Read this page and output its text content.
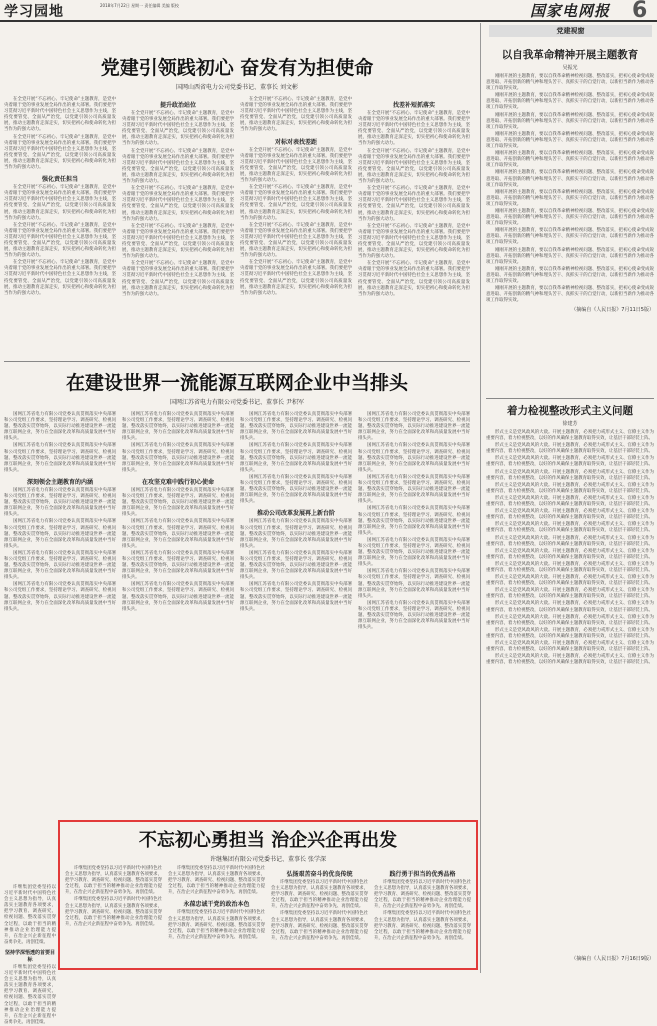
学习园地	2018年7月22日 星期一 责任编辑 美编 版校	国家电网报 6
党建引领践初心 奋发有为担使命
国网山西省电力公司党委书记、董事长 刘文彬

在全党开展“不忘初心、牢记使命”主题教育，是党中央着眼于党的事业发展全局作出的重大部署。我们要把学习贯彻习近平新时代中国特色社会主义思想作为主线，坚持党要管党、全面从严治党，以党建引领公司高质量发展，推动主题教育走深走实，切实把初心和使命转化为担当作为的强大动力。

在全党开展“不忘初心、牢记使命”主题教育，是党中央着眼于党的事业发展全局作出的重大部署。我们要把学习贯彻习近平新时代中国特色社会主义思想作为主线，坚持党要管党、全面从严治党，以党建引领公司高质量发展，推动主题教育走深走实，切实把初心和使命转化为担当作为的强大动力。

强化责任担当

在全党开展“不忘初心、牢记使命”主题教育，是党中央着眼于党的事业发展全局作出的重大部署。我们要把学习贯彻习近平新时代中国特色社会主义思想作为主线，坚持党要管党、全面从严治党，以党建引领公司高质量发展，推动主题教育走深走实，切实把初心和使命转化为担当作为的强大动力。

在全党开展“不忘初心、牢记使命”主题教育，是党中央着眼于党的事业发展全局作出的重大部署。我们要把学习贯彻习近平新时代中国特色社会主义思想作为主线，坚持党要管党、全面从严治党，以党建引领公司高质量发展，推动主题教育走深走实，切实把初心和使命转化为担当作为的强大动力。

在全党开展“不忘初心、牢记使命”主题教育，是党中央着眼于党的事业发展全局作出的重大部署。我们要把学习贯彻习近平新时代中国特色社会主义思想作为主线，坚持党要管党、全面从严治党，以党建引领公司高质量发展，推动主题教育走深走实，切实把初心和使命转化为担当作为的强大动力。

提升政治站位

在全党开展“不忘初心、牢记使命”主题教育，是党中央着眼于党的事业发展全局作出的重大部署。我们要把学习贯彻习近平新时代中国特色社会主义思想作为主线，坚持党要管党、全面从严治党，以党建引领公司高质量发展，推动主题教育走深走实，切实把初心和使命转化为担当作为的强大动力。

在全党开展“不忘初心、牢记使命”主题教育，是党中央着眼于党的事业发展全局作出的重大部署。我们要把学习贯彻习近平新时代中国特色社会主义思想作为主线，坚持党要管党、全面从严治党，以党建引领公司高质量发展，推动主题教育走深走实，切实把初心和使命转化为担当作为的强大动力。

在全党开展“不忘初心、牢记使命”主题教育，是党中央着眼于党的事业发展全局作出的重大部署。我们要把学习贯彻习近平新时代中国特色社会主义思想作为主线，坚持党要管党、全面从严治党，以党建引领公司高质量发展，推动主题教育走深走实，切实把初心和使命转化为担当作为的强大动力。

在全党开展“不忘初心、牢记使命”主题教育，是党中央着眼于党的事业发展全局作出的重大部署。我们要把学习贯彻习近平新时代中国特色社会主义思想作为主线，坚持党要管党、全面从严治党，以党建引领公司高质量发展，推动主题教育走深走实，切实把初心和使命转化为担当作为的强大动力。

在全党开展“不忘初心、牢记使命”主题教育，是党中央着眼于党的事业发展全局作出的重大部署。我们要把学习贯彻习近平新时代中国特色社会主义思想作为主线，坚持党要管党、全面从严治党，以党建引领公司高质量发展，推动主题教育走深走实，切实把初心和使命转化为担当作为的强大动力。

在全党开展“不忘初心、牢记使命”主题教育，是党中央着眼于党的事业发展全局作出的重大部署。我们要把学习贯彻习近平新时代中国特色社会主义思想作为主线，坚持党要管党、全面从严治党，以党建引领公司高质量发展，推动主题教育走深走实，切实把初心和使命转化为担当作为的强大动力。

对标对表找差距

在全党开展“不忘初心、牢记使命”主题教育，是党中央着眼于党的事业发展全局作出的重大部署。我们要把学习贯彻习近平新时代中国特色社会主义思想作为主线，坚持党要管党、全面从严治党，以党建引领公司高质量发展，推动主题教育走深走实，切实把初心和使命转化为担当作为的强大动力。

在全党开展“不忘初心、牢记使命”主题教育，是党中央着眼于党的事业发展全局作出的重大部署。我们要把学习贯彻习近平新时代中国特色社会主义思想作为主线，坚持党要管党、全面从严治党，以党建引领公司高质量发展，推动主题教育走深走实，切实把初心和使命转化为担当作为的强大动力。

在全党开展“不忘初心、牢记使命”主题教育，是党中央着眼于党的事业发展全局作出的重大部署。我们要把学习贯彻习近平新时代中国特色社会主义思想作为主线，坚持党要管党、全面从严治党，以党建引领公司高质量发展，推动主题教育走深走实，切实把初心和使命转化为担当作为的强大动力。

在全党开展“不忘初心、牢记使命”主题教育，是党中央着眼于党的事业发展全局作出的重大部署。我们要把学习贯彻习近平新时代中国特色社会主义思想作为主线，坚持党要管党、全面从严治党，以党建引领公司高质量发展，推动主题教育走深走实，切实把初心和使命转化为担当作为的强大动力。

找差补短抓落实

在全党开展“不忘初心、牢记使命”主题教育，是党中央着眼于党的事业发展全局作出的重大部署。我们要把学习贯彻习近平新时代中国特色社会主义思想作为主线，坚持党要管党、全面从严治党，以党建引领公司高质量发展，推动主题教育走深走实，切实把初心和使命转化为担当作为的强大动力。

在全党开展“不忘初心、牢记使命”主题教育，是党中央着眼于党的事业发展全局作出的重大部署。我们要把学习贯彻习近平新时代中国特色社会主义思想作为主线，坚持党要管党、全面从严治党，以党建引领公司高质量发展，推动主题教育走深走实，切实把初心和使命转化为担当作为的强大动力。

在全党开展“不忘初心、牢记使命”主题教育，是党中央着眼于党的事业发展全局作出的重大部署。我们要把学习贯彻习近平新时代中国特色社会主义思想作为主线，坚持党要管党、全面从严治党，以党建引领公司高质量发展，推动主题教育走深走实，切实把初心和使命转化为担当作为的强大动力。

在全党开展“不忘初心、牢记使命”主题教育，是党中央着眼于党的事业发展全局作出的重大部署。我们要把学习贯彻习近平新时代中国特色社会主义思想作为主线，坚持党要管党、全面从严治党，以党建引领公司高质量发展，推动主题教育走深走实，切实把初心和使命转化为担当作为的强大动力。

在全党开展“不忘初心、牢记使命”主题教育，是党中央着眼于党的事业发展全局作出的重大部署。我们要把学习贯彻习近平新时代中国特色社会主义思想作为主线，坚持党要管党、全面从严治党，以党建引领公司高质量发展，推动主题教育走深走实，切实把初心和使命转化为担当作为的强大动力。

在建设世界一流能源互联网企业中当排头
国网江苏省电力有限公司党委书记、董事长 尹积军

国网江苏省电力有限公司党委认真贯彻落实中央部署和公司党组工作要求，坚持理论学习、调查研究、检视问题、整改落实贯穿始终，以实际行动推进建设世界一流能源互联网企业，努力在全面深化改革和高质量发展中当好排头兵。

国网江苏省电力有限公司党委认真贯彻落实中央部署和公司党组工作要求，坚持理论学习、调查研究、检视问题、整改落实贯穿始终，以实际行动推进建设世界一流能源互联网企业，努力在全面深化改革和高质量发展中当好排头兵。

深刻领会主题教育的内涵

国网江苏省电力有限公司党委认真贯彻落实中央部署和公司党组工作要求，坚持理论学习、调查研究、检视问题、整改落实贯穿始终，以实际行动推进建设世界一流能源互联网企业，努力在全面深化改革和高质量发展中当好排头兵。

国网江苏省电力有限公司党委认真贯彻落实中央部署和公司党组工作要求，坚持理论学习、调查研究、检视问题、整改落实贯穿始终，以实际行动推进建设世界一流能源互联网企业，努力在全面深化改革和高质量发展中当好排头兵。

国网江苏省电力有限公司党委认真贯彻落实中央部署和公司党组工作要求，坚持理论学习、调查研究、检视问题、整改落实贯穿始终，以实际行动推进建设世界一流能源互联网企业，努力在全面深化改革和高质量发展中当好排头兵。

国网江苏省电力有限公司党委认真贯彻落实中央部署和公司党组工作要求，坚持理论学习、调查研究、检视问题、整改落实贯穿始终，以实际行动推进建设世界一流能源互联网企业，努力在全面深化改革和高质量发展中当好排头兵。

国网江苏省电力有限公司党委认真贯彻落实中央部署和公司党组工作要求，坚持理论学习、调查研究、检视问题、整改落实贯穿始终，以实际行动推进建设世界一流能源互联网企业，努力在全面深化改革和高质量发展中当好排头兵。

国网江苏省电力有限公司党委认真贯彻落实中央部署和公司党组工作要求，坚持理论学习、调查研究、检视问题、整改落实贯穿始终，以实际行动推进建设世界一流能源互联网企业，努力在全面深化改革和高质量发展中当好排头兵。

在攻坚克难中践行初心使命

国网江苏省电力有限公司党委认真贯彻落实中央部署和公司党组工作要求，坚持理论学习、调查研究、检视问题、整改落实贯穿始终，以实际行动推进建设世界一流能源互联网企业，努力在全面深化改革和高质量发展中当好排头兵。

国网江苏省电力有限公司党委认真贯彻落实中央部署和公司党组工作要求，坚持理论学习、调查研究、检视问题、整改落实贯穿始终，以实际行动推进建设世界一流能源互联网企业，努力在全面深化改革和高质量发展中当好排头兵。

国网江苏省电力有限公司党委认真贯彻落实中央部署和公司党组工作要求，坚持理论学习、调查研究、检视问题、整改落实贯穿始终，以实际行动推进建设世界一流能源互联网企业，努力在全面深化改革和高质量发展中当好排头兵。

国网江苏省电力有限公司党委认真贯彻落实中央部署和公司党组工作要求，坚持理论学习、调查研究、检视问题、整改落实贯穿始终，以实际行动推进建设世界一流能源互联网企业，努力在全面深化改革和高质量发展中当好排头兵。

国网江苏省电力有限公司党委认真贯彻落实中央部署和公司党组工作要求，坚持理论学习、调查研究、检视问题、整改落实贯穿始终，以实际行动推进建设世界一流能源互联网企业，努力在全面深化改革和高质量发展中当好排头兵。

国网江苏省电力有限公司党委认真贯彻落实中央部署和公司党组工作要求，坚持理论学习、调查研究、检视问题、整改落实贯穿始终，以实际行动推进建设世界一流能源互联网企业，努力在全面深化改革和高质量发展中当好排头兵。

国网江苏省电力有限公司党委认真贯彻落实中央部署和公司党组工作要求，坚持理论学习、调查研究、检视问题、整改落实贯穿始终，以实际行动推进建设世界一流能源互联网企业，努力在全面深化改革和高质量发展中当好排头兵。

推动公司改革发展再上新台阶

国网江苏省电力有限公司党委认真贯彻落实中央部署和公司党组工作要求，坚持理论学习、调查研究、检视问题、整改落实贯穿始终，以实际行动推进建设世界一流能源互联网企业，努力在全面深化改革和高质量发展中当好排头兵。

国网江苏省电力有限公司党委认真贯彻落实中央部署和公司党组工作要求，坚持理论学习、调查研究、检视问题、整改落实贯穿始终，以实际行动推进建设世界一流能源互联网企业，努力在全面深化改革和高质量发展中当好排头兵。

国网江苏省电力有限公司党委认真贯彻落实中央部署和公司党组工作要求，坚持理论学习、调查研究、检视问题、整改落实贯穿始终，以实际行动推进建设世界一流能源互联网企业，努力在全面深化改革和高质量发展中当好排头兵。

国网江苏省电力有限公司党委认真贯彻落实中央部署和公司党组工作要求，坚持理论学习、调查研究、检视问题、整改落实贯穿始终，以实际行动推进建设世界一流能源互联网企业，努力在全面深化改革和高质量发展中当好排头兵。

国网江苏省电力有限公司党委认真贯彻落实中央部署和公司党组工作要求，坚持理论学习、调查研究、检视问题、整改落实贯穿始终，以实际行动推进建设世界一流能源互联网企业，努力在全面深化改革和高质量发展中当好排头兵。

国网江苏省电力有限公司党委认真贯彻落实中央部署和公司党组工作要求，坚持理论学习、调查研究、检视问题、整改落实贯穿始终，以实际行动推进建设世界一流能源互联网企业，努力在全面深化改革和高质量发展中当好排头兵。

国网江苏省电力有限公司党委认真贯彻落实中央部署和公司党组工作要求，坚持理论学习、调查研究、检视问题、整改落实贯穿始终，以实际行动推进建设世界一流能源互联网企业，努力在全面深化改革和高质量发展中当好排头兵。

国网江苏省电力有限公司党委认真贯彻落实中央部署和公司党组工作要求，坚持理论学习、调查研究、检视问题、整改落实贯穿始终，以实际行动推进建设世界一流能源互联网企业，努力在全面深化改革和高质量发展中当好排头兵。

国网江苏省电力有限公司党委认真贯彻落实中央部署和公司党组工作要求，坚持理论学习、调查研究、检视问题、整改落实贯穿始终，以实际行动推进建设世界一流能源互联网企业，努力在全面深化改革和高质量发展中当好排头兵。

国网江苏省电力有限公司党委认真贯彻落实中央部署和公司党组工作要求，坚持理论学习、调查研究、检视问题、整改落实贯穿始终，以实际行动推进建设世界一流能源互联网企业，努力在全面深化改革和高质量发展中当好排头兵。

不忘初心勇担当 治企兴企再出发
许继集团有限公司党委书记、董事长 张学深

许继集团党委坚持以习近平新时代中国特色社会主义思想为指导，认真落实主题教育各项要求，把学习教育、调查研究、检视问题、整改落实贯穿全过程，以敢于担当的精神推动企业治理能力提升，在治企兴企新征程中奋勇争先、再创佳绩。

许继集团党委坚持以习近平新时代中国特色社会主义思想为指导，认真落实主题教育各项要求，把学习教育、调查研究、检视问题、整改落实贯穿全过程，以敢于担当的精神推动企业治理能力提升，在治企兴企新征程中奋勇争先、再创佳绩。

许继集团党委坚持以习近平新时代中国特色社会主义思想为指导，认真落实主题教育各项要求，把学习教育、调查研究、检视问题、整改落实贯穿全过程，以敢于担当的精神推动企业治理能力提升，在治企兴企新征程中奋勇争先、再创佳绩。

永葆忠诚干党的政治本色

许继集团党委坚持以习近平新时代中国特色社会主义思想为指导，认真落实主题教育各项要求，把学习教育、调查研究、检视问题、整改落实贯穿全过程，以敢于担当的精神推动企业治理能力提升，在治企兴企新征程中奋勇争先、再创佳绩。

弘扬艰苦奋斗的优良传统

许继集团党委坚持以习近平新时代中国特色社会主义思想为指导，认真落实主题教育各项要求，把学习教育、调查研究、检视问题、整改落实贯穿全过程，以敢于担当的精神推动企业治理能力提升，在治企兴企新征程中奋勇争先、再创佳绩。

许继集团党委坚持以习近平新时代中国特色社会主义思想为指导，认真落实主题教育各项要求，把学习教育、调查研究、检视问题、整改落实贯穿全过程，以敢于担当的精神推动企业治理能力提升，在治企兴企新征程中奋勇争先、再创佳绩。

践行勇于担当的优秀品格

许继集团党委坚持以习近平新时代中国特色社会主义思想为指导，认真落实主题教育各项要求，把学习教育、调查研究、检视问题、整改落实贯穿全过程，以敢于担当的精神推动企业治理能力提升，在治企兴企新征程中奋勇争先、再创佳绩。

许继集团党委坚持以习近平新时代中国特色社会主义思想为指导，认真落实主题教育各项要求，把学习教育、调查研究、检视问题、整改落实贯穿全过程，以敢于担当的精神推动企业治理能力提升，在治企兴企新征程中奋勇争先、再创佳绩。

许继集团党委坚持以习近平新时代中国特色社会主义思想为指导，认真落实主题教育各项要求，把学习教育、调查研究、检视问题、整改落实贯穿全过程，以敢于担当的精神推动企业治理能力提升，在治企兴企新征程中奋勇争先、再创佳绩。

坚持学深悟透的首要目标

许继集团党委坚持以习近平新时代中国特色社会主义思想为指导，认真落实主题教育各项要求，把学习教育、调查研究、检视问题、整改落实贯穿全过程，以敢于担当的精神推动企业治理能力提升，在治企兴企新征程中奋勇争先、再创佳绩。

党建视窗
以自我革命精神开展主题教育
吴振光

刚刚开展的主题教育，要以自我革命精神检视问题、整改落实，把初心使命变成锐意进取、开拓创新的精气神和埋头苦干、真抓实干的自觉行动，以新担当新作为推动各项工作取得实效。

刚刚开展的主题教育，要以自我革命精神检视问题、整改落实，把初心使命变成锐意进取、开拓创新的精气神和埋头苦干、真抓实干的自觉行动，以新担当新作为推动各项工作取得实效。

刚刚开展的主题教育，要以自我革命精神检视问题、整改落实，把初心使命变成锐意进取、开拓创新的精气神和埋头苦干、真抓实干的自觉行动，以新担当新作为推动各项工作取得实效。

刚刚开展的主题教育，要以自我革命精神检视问题、整改落实，把初心使命变成锐意进取、开拓创新的精气神和埋头苦干、真抓实干的自觉行动，以新担当新作为推动各项工作取得实效。

刚刚开展的主题教育，要以自我革命精神检视问题、整改落实，把初心使命变成锐意进取、开拓创新的精气神和埋头苦干、真抓实干的自觉行动，以新担当新作为推动各项工作取得实效。

刚刚开展的主题教育，要以自我革命精神检视问题、整改落实，把初心使命变成锐意进取、开拓创新的精气神和埋头苦干、真抓实干的自觉行动，以新担当新作为推动各项工作取得实效。

刚刚开展的主题教育，要以自我革命精神检视问题、整改落实，把初心使命变成锐意进取、开拓创新的精气神和埋头苦干、真抓实干的自觉行动，以新担当新作为推动各项工作取得实效。

刚刚开展的主题教育，要以自我革命精神检视问题、整改落实，把初心使命变成锐意进取、开拓创新的精气神和埋头苦干、真抓实干的自觉行动，以新担当新作为推动各项工作取得实效。

刚刚开展的主题教育，要以自我革命精神检视问题、整改落实，把初心使命变成锐意进取、开拓创新的精气神和埋头苦干、真抓实干的自觉行动，以新担当新作为推动各项工作取得实效。

刚刚开展的主题教育，要以自我革命精神检视问题、整改落实，把初心使命变成锐意进取、开拓创新的精气神和埋头苦干、真抓实干的自觉行动，以新担当新作为推动各项工作取得实效。

刚刚开展的主题教育，要以自我革命精神检视问题、整改落实，把初心使命变成锐意进取、开拓创新的精气神和埋头苦干、真抓实干的自觉行动，以新担当新作为推动各项工作取得实效。

刚刚开展的主题教育，要以自我革命精神检视问题、整改落实，把初心使命变成锐意进取、开拓创新的精气神和埋头苦干、真抓实干的自觉行动，以新担当新作为推动各项工作取得实效。

（摘编自《人民日报》7月11日5版）
着力检视整改形式主义问题
徐建芳

形式主义是党风政风的大敌。开展主题教育，必须把力戒形式主义、官僚主义作为重要内容，着力检视整改，以好的作风确保主题教育取得实效，让基层干部轻装上阵。

形式主义是党风政风的大敌。开展主题教育，必须把力戒形式主义、官僚主义作为重要内容，着力检视整改，以好的作风确保主题教育取得实效，让基层干部轻装上阵。

形式主义是党风政风的大敌。开展主题教育，必须把力戒形式主义、官僚主义作为重要内容，着力检视整改，以好的作风确保主题教育取得实效，让基层干部轻装上阵。

形式主义是党风政风的大敌。开展主题教育，必须把力戒形式主义、官僚主义作为重要内容，着力检视整改，以好的作风确保主题教育取得实效，让基层干部轻装上阵。

形式主义是党风政风的大敌。开展主题教育，必须把力戒形式主义、官僚主义作为重要内容，着力检视整改，以好的作风确保主题教育取得实效，让基层干部轻装上阵。

形式主义是党风政风的大敌。开展主题教育，必须把力戒形式主义、官僚主义作为重要内容，着力检视整改，以好的作风确保主题教育取得实效，让基层干部轻装上阵。

形式主义是党风政风的大敌。开展主题教育，必须把力戒形式主义、官僚主义作为重要内容，着力检视整改，以好的作风确保主题教育取得实效，让基层干部轻装上阵。

形式主义是党风政风的大敌。开展主题教育，必须把力戒形式主义、官僚主义作为重要内容，着力检视整改，以好的作风确保主题教育取得实效，让基层干部轻装上阵。

形式主义是党风政风的大敌。开展主题教育，必须把力戒形式主义、官僚主义作为重要内容，着力检视整改，以好的作风确保主题教育取得实效，让基层干部轻装上阵。

形式主义是党风政风的大敌。开展主题教育，必须把力戒形式主义、官僚主义作为重要内容，着力检视整改，以好的作风确保主题教育取得实效，让基层干部轻装上阵。

形式主义是党风政风的大敌。开展主题教育，必须把力戒形式主义、官僚主义作为重要内容，着力检视整改，以好的作风确保主题教育取得实效，让基层干部轻装上阵。

形式主义是党风政风的大敌。开展主题教育，必须把力戒形式主义、官僚主义作为重要内容，着力检视整改，以好的作风确保主题教育取得实效，让基层干部轻装上阵。

形式主义是党风政风的大敌。开展主题教育，必须把力戒形式主义、官僚主义作为重要内容，着力检视整改，以好的作风确保主题教育取得实效，让基层干部轻装上阵。

形式主义是党风政风的大敌。开展主题教育，必须把力戒形式主义、官僚主义作为重要内容，着力检视整改，以好的作风确保主题教育取得实效，让基层干部轻装上阵。

形式主义是党风政风的大敌。开展主题教育，必须把力戒形式主义、官僚主义作为重要内容，着力检视整改，以好的作风确保主题教育取得实效，让基层干部轻装上阵。

形式主义是党风政风的大敌。开展主题教育，必须把力戒形式主义、官僚主义作为重要内容，着力检视整改，以好的作风确保主题教育取得实效，让基层干部轻装上阵。

形式主义是党风政风的大敌。开展主题教育，必须把力戒形式主义、官僚主义作为重要内容，着力检视整改，以好的作风确保主题教育取得实效，让基层干部轻装上阵。

形式主义是党风政风的大敌。开展主题教育，必须把力戒形式主义、官僚主义作为重要内容，着力检视整改，以好的作风确保主题教育取得实效，让基层干部轻装上阵。

（摘编自《人民日报》7月16日9版）
